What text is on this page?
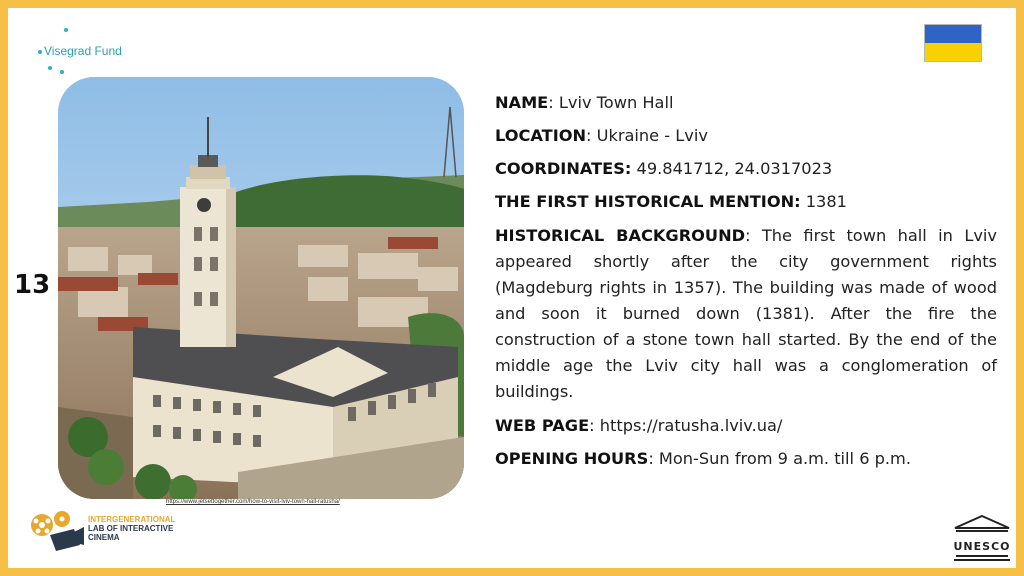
Visegrad Fund
13
https://www.jetsettogether.com/how-to-visit-lviv-town-hall-ratusha/

NAME: Lviv Town Hall

LOCATION: Ukraine - Lviv

COORDINATES: 49.841712, 24.0317023

THE FIRST HISTORICAL MENTION: 1381

HISTORICAL BACKGROUND: The first town hall in Lviv appeared shortly after the city government rights (Magdeburg rights in 1357). The building was made of wood and soon it burned down (1381). After the fire the construction of a stone town hall started. By the end of the middle age the Lviv city hall was a conglomeration of buildings.

WEB PAGE: https://ratusha.lviv.ua/

OPENING HOURS: Mon-Sun from 9 a.m. till 6 p.m.

INTERGENERATIONAL
LAB OF INTERACTIVE
CINEMA
UNESCO
